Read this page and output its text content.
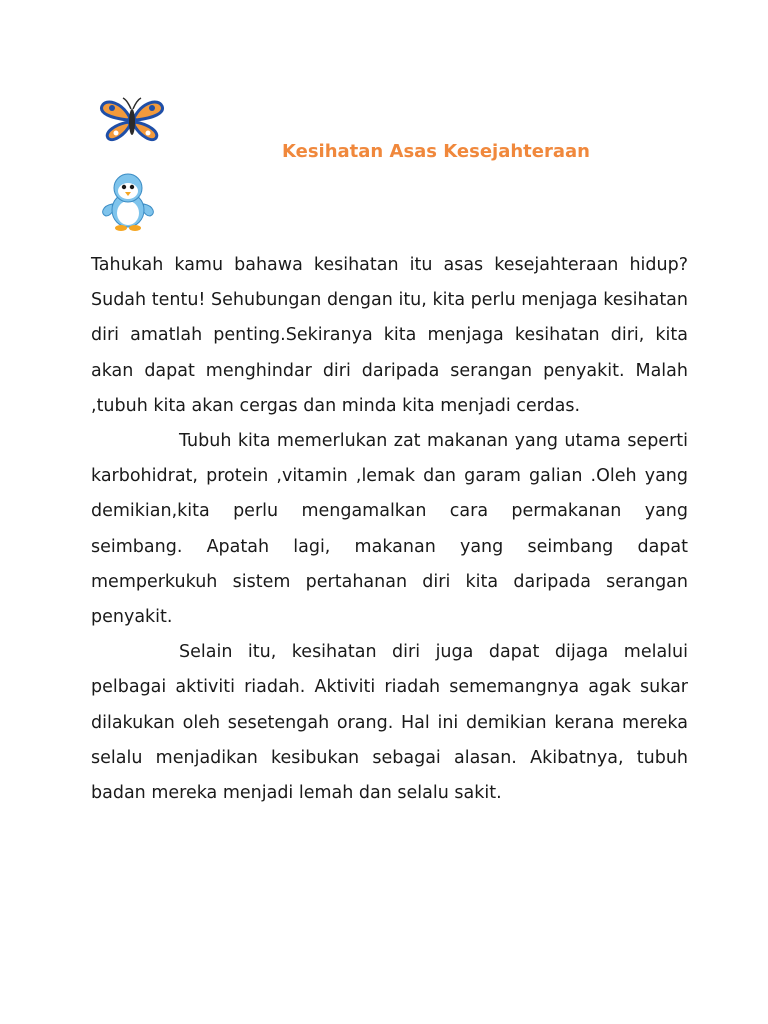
Kesihatan Asas Kesejahteraan

Tahukah kamu bahawa kesihatan itu asas kesejahteraan hidup? Sudah tentu! Sehubungan dengan itu, kita perlu menjaga kesihatan diri amatlah penting.Sekiranya kita menjaga kesihatan diri, kita akan dapat menghindar diri daripada serangan penyakit. Malah ,tubuh kita akan cergas dan minda kita menjadi cerdas.

Tubuh kita memerlukan zat makanan yang utama seperti karbohidrat, protein ,vitamin ,lemak dan garam galian .Oleh yang demikian,kita perlu mengamalkan cara permakanan yang seimbang. Apatah lagi, makanan yang seimbang dapat memperkukuh sistem pertahanan diri kita daripada serangan penyakit.

Selain itu, kesihatan diri juga dapat dijaga melalui pelbagai aktiviti riadah. Aktiviti riadah sememangnya agak sukar dilakukan oleh sesetengah orang. Hal ini demikian kerana mereka selalu menjadikan kesibukan sebagai alasan. Akibatnya, tubuh badan mereka menjadi lemah dan selalu sakit.
